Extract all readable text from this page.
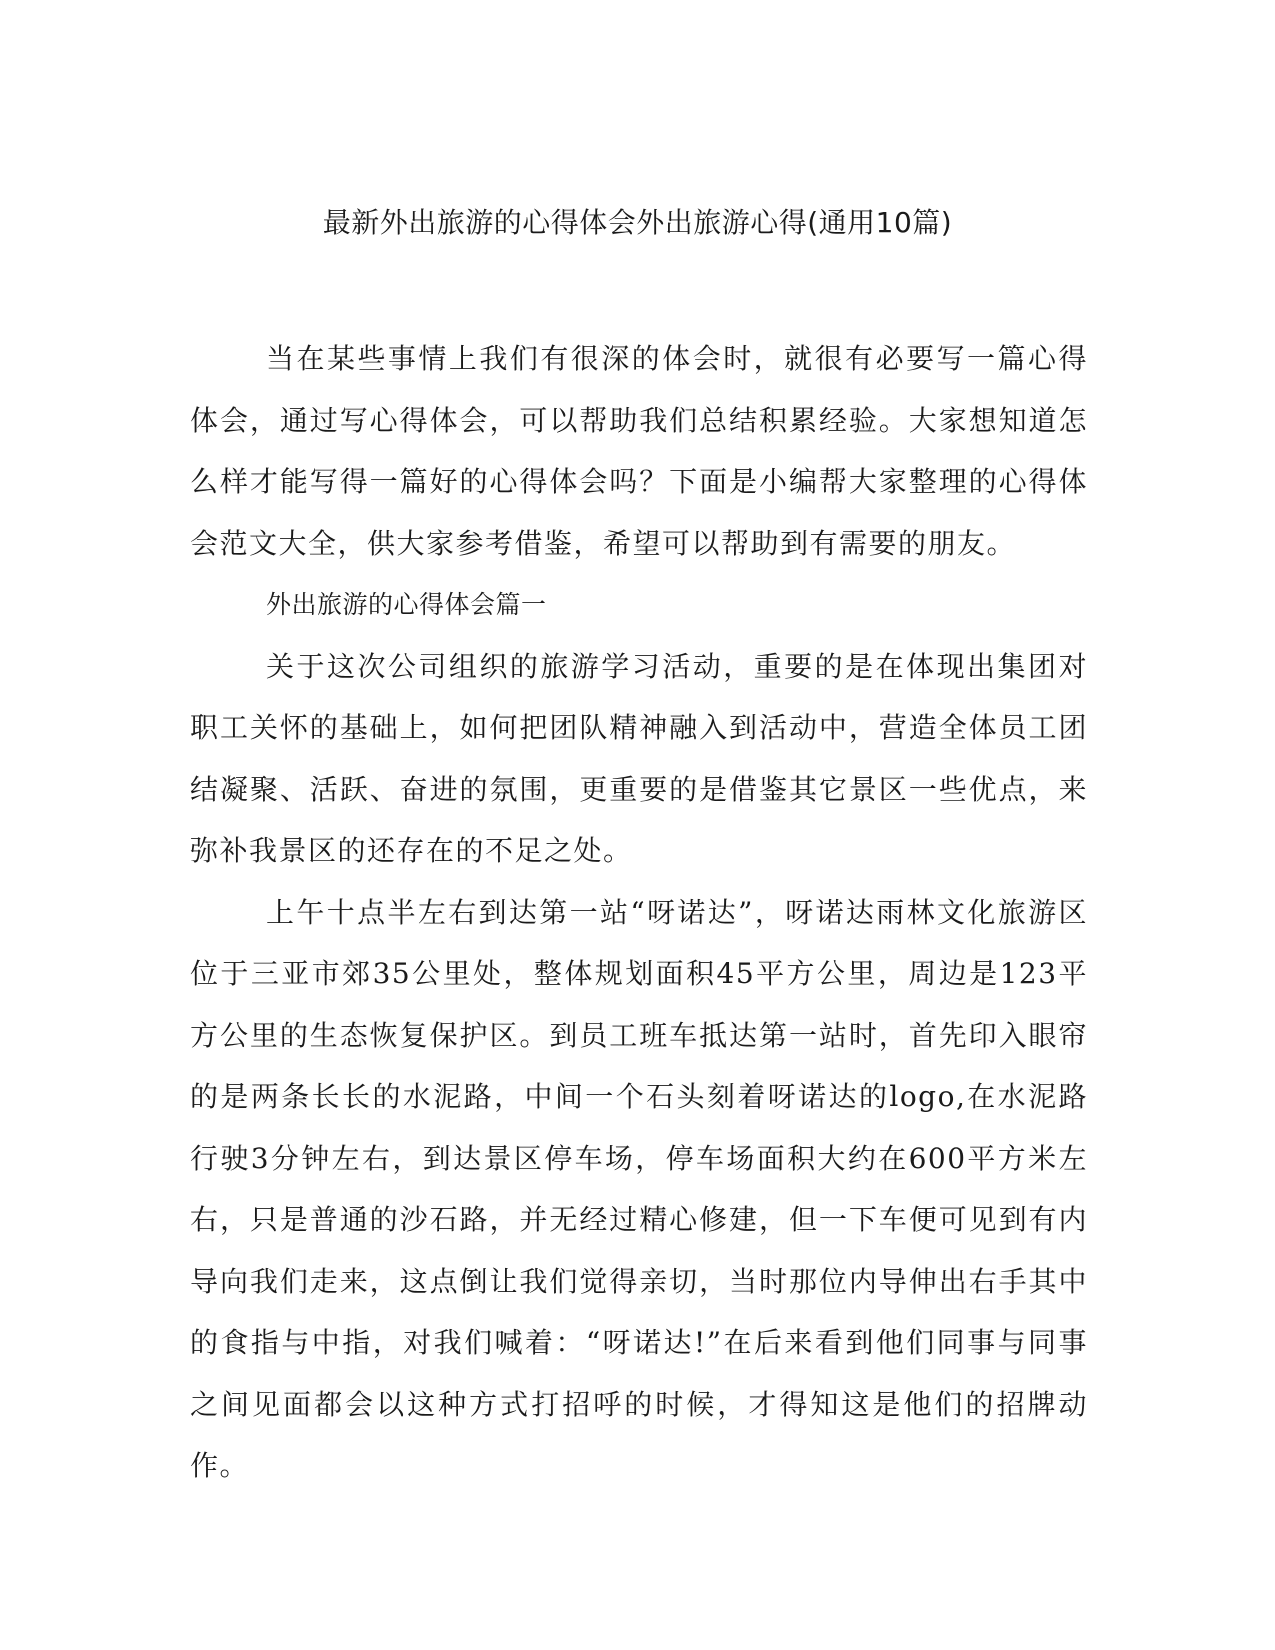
最新外出旅游的心得体会外出旅游心得(通用10篇)

当在某些事情上我们有很深的体会时，就很有必要写一篇心得体会，通过写心得体会，可以帮助我们总结积累经验。大家想知道怎么样才能写得一篇好的心得体会吗？下面是小编帮大家整理的心得体会范文大全，供大家参考借鉴，希望可以帮助到有需要的朋友。

外出旅游的心得体会篇一

关于这次公司组织的旅游学习活动，重要的是在体现出集团对职工关怀的基础上，如何把团队精神融入到活动中，营造全体员工团结凝聚、活跃、奋进的氛围，更重要的是借鉴其它景区一些优点，来弥补我景区的还存在的不足之处。

上午十点半左右到达第一站“呀诺达”，呀诺达雨林文化旅游区位于三亚市郊35公里处，整体规划面积45平方公里，周边是123平方公里的生态恢复保护区。到员工班车抵达第一站时，首先印入眼帘的是两条长长的水泥路，中间一个石头刻着呀诺达的logo,在水泥路行驶3分钟左右，到达景区停车场，停车场面积大约在600平方米左右，只是普通的沙石路，并无经过精心修建，但一下车便可见到有内导向我们走来，这点倒让我们觉得亲切，当时那位内导伸出右手其中的食指与中指，对我们喊着：“呀诺达!”在后来看到他们同事与同事之间见面都会以这种方式打招呼的时候，才得知这是他们的招牌动作。
